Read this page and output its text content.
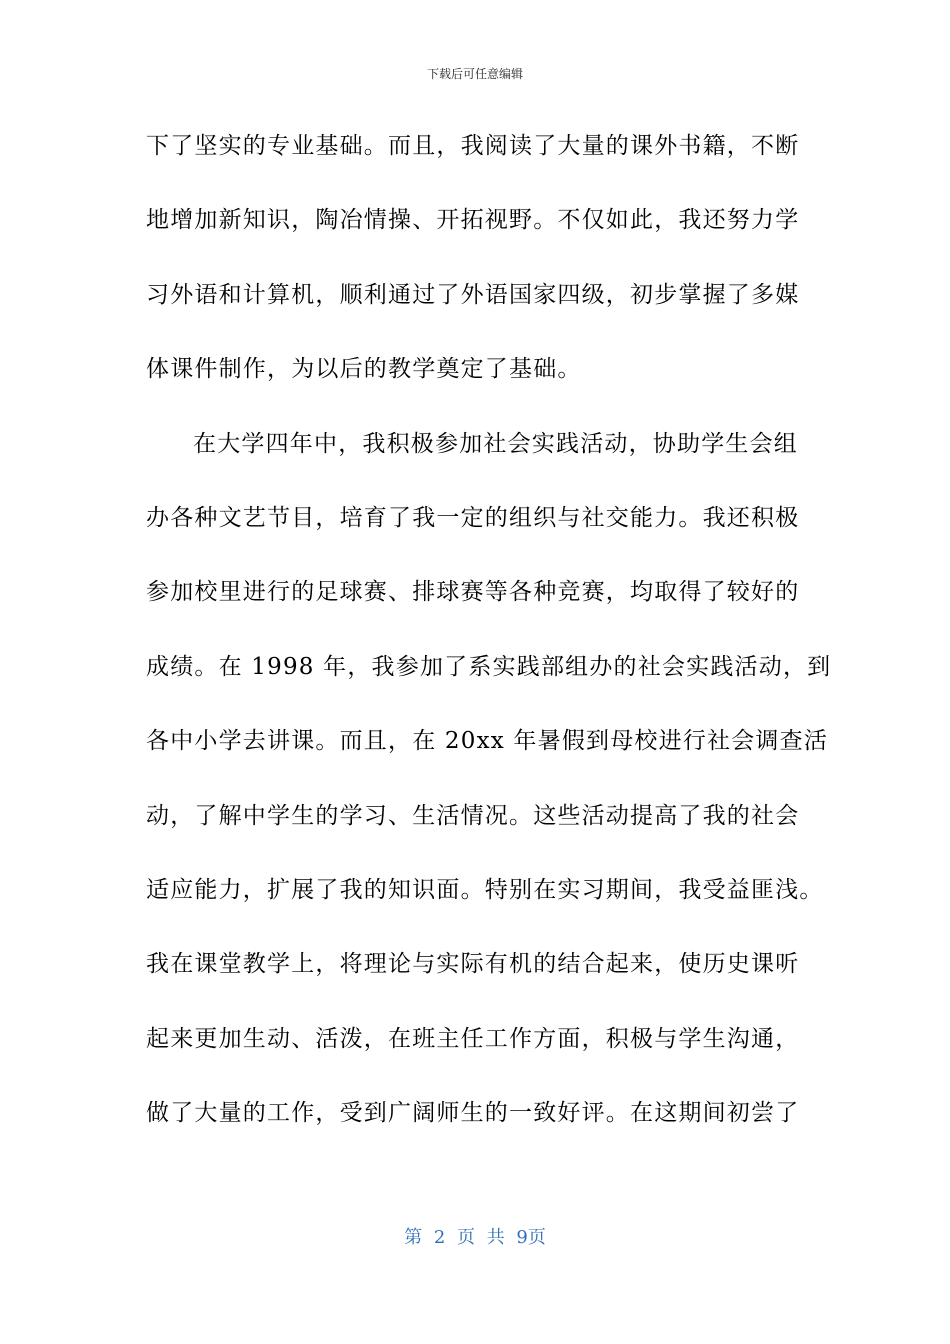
下载后可任意编辑
下了坚实的专业基础。而且，我阅读了大量的课外书籍，不断
地增加新知识，陶冶情操、开拓视野。不仅如此，我还努力学
习外语和计算机，顺利通过了外语国家四级，初步掌握了多媒
体课件制作，为以后的教学奠定了基础。
在大学四年中，我积极参加社会实践活动，协助学生会组
办各种文艺节目，培育了我一定的组织与社交能力。我还积极
参加校里进行的足球赛、排球赛等各种竞赛，均取得了较好的
成绩。在 1998 年，我参加了系实践部组办的社会实践活动，到
各中小学去讲课。而且，在 20xx 年暑假到母校进行社会调查活
动，了解中学生的学习、生活情况。这些活动提高了我的社会
适应能力，扩展了我的知识面。特别在实习期间，我受益匪浅。
我在课堂教学上，将理论与实际有机的结合起来，使历史课听
起来更加生动、活泼，在班主任工作方面，积极与学生沟通，
做了大量的工作，受到广阔师生的一致好评。在这期间初尝了
第 2 页 共 9页
